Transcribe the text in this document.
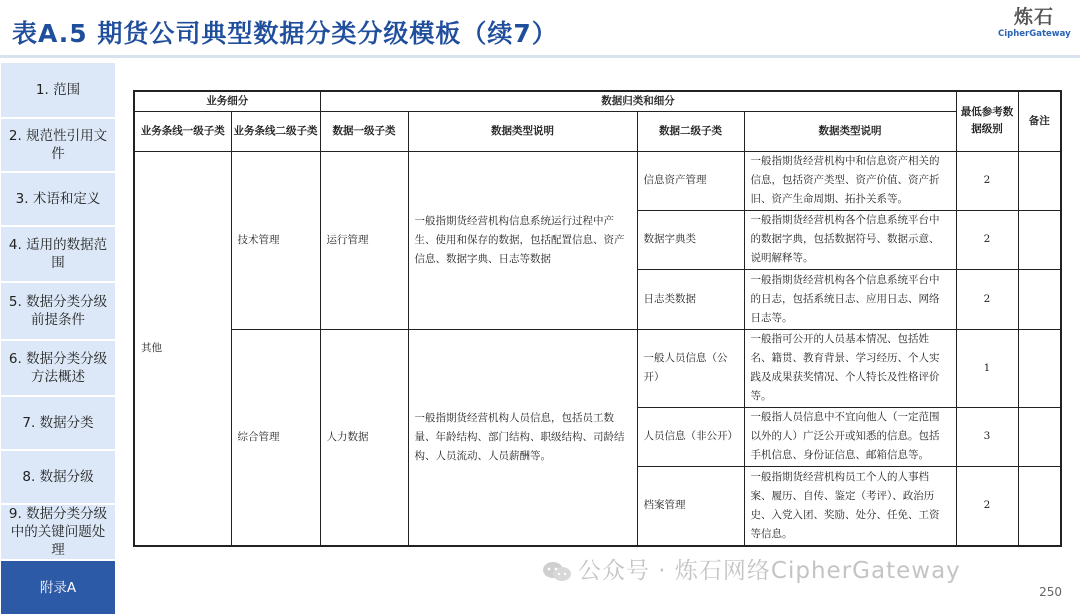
表A.5 期货公司典型数据分类分级模板（续7）
炼石
CipherGateway
1. 范围
2. 规范性引用文件
3. 术语和定义
4. 适用的数据范围
5. 数据分类分级前提条件
6. 数据分类分级方法概述
7. 数据分类
8. 数据分级
9. 数据分类分级中的关键问题处理
附录A
业务细分		数据归类和细分				最低参考数据级别	备注
业务条线一级子类	业务条线二级子类	数据一级子类	数据类型说明	数据二级子类	数据类型说明		
其他	技术管理	运行管理	一般指期货经营机构信息系统运行过程中产生、使用和保存的数据，包括配置信息、资产信息、数据字典、日志等数据	信息资产管理	一般指期货经营机构中和信息资产相关的信息，包括资产类型、资产价值、资产折旧、资产生命周期、拓扑关系等。	2	
				数据字典类	一般指期货经营机构各个信息系统平台中的数据字典，包括数据符号、数据示意、说明解释等。	2	
				日志类数据	一般指期货经营机构各个信息系统平台中的日志，包括系统日志、应用日志、网络日志等。	2	
	综合管理	人力数据	一般指期货经营机构人员信息，包括员工数量、年龄结构、部门结构、职级结构、司龄结构、人员流动、人员薪酬等。	一般人员信息（公开）	一般指可公开的人员基本情况、包括姓名、籍贯、教育背景、学习经历、个人实践及成果获奖情况、个人特长及性格评价等。	1	
				人员信息（非公开）	一般指人员信息中不宜向他人（一定范围以外的人）广泛公开或知悉的信息。包括手机信息、身份证信息、邮箱信息等。	3	
				档案管理	一般指期货经营机构员工个人的人事档案、履历、自传、鉴定（考评）、政治历史、入党入团、奖励、处分、任免、工资等信息。	2	
公众号 · 炼石网络CipherGateway
250
